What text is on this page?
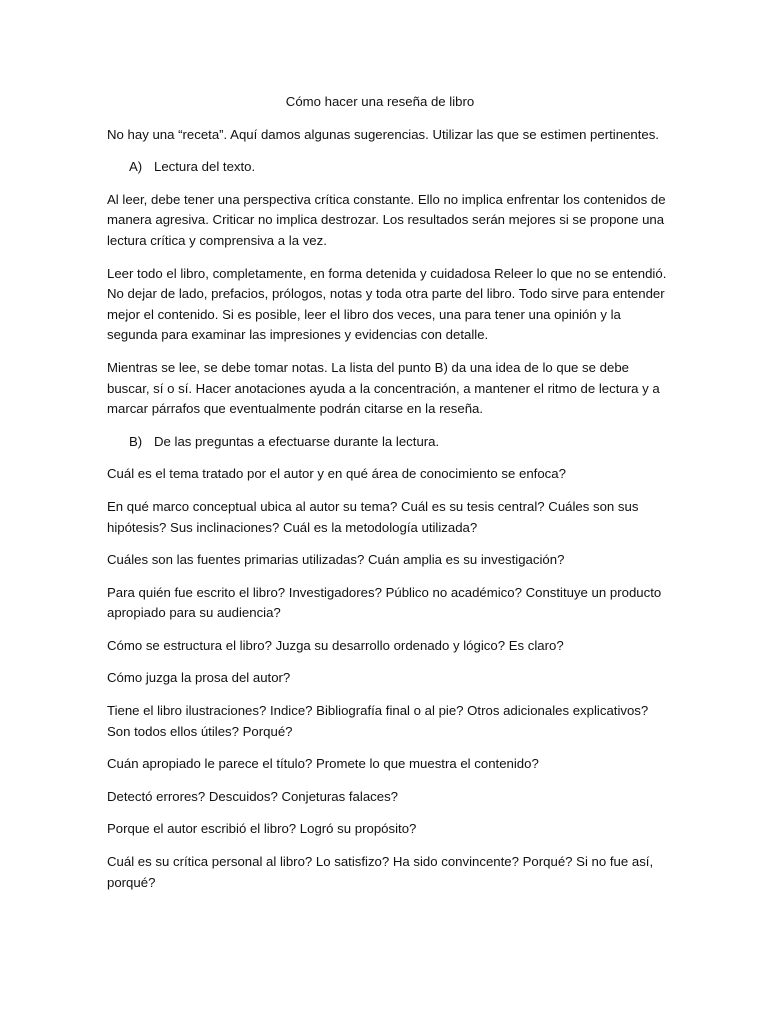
Cómo hacer una reseña de libro

No hay una “receta”. Aquí damos algunas sugerencias. Utilizar las que se estimen pertinentes.

A) Lectura del texto.

Al leer, debe tener una perspectiva crítica constante. Ello no implica enfrentar los contenidos de manera agresiva. Criticar no implica destrozar. Los resultados serán mejores si se propone una lectura crítica y comprensiva a la vez.

Leer todo el libro, completamente, en forma detenida y cuidadosa Releer lo que no se entendió. No dejar de lado, prefacios, prólogos, notas y toda otra parte del libro. Todo sirve para entender mejor el contenido. Si es posible, leer el libro dos veces, una para tener una opinión y la segunda para examinar las impresiones y evidencias con detalle.

Mientras se lee, se debe tomar notas. La lista del punto B) da una idea de lo que se debe buscar, sí o sí. Hacer anotaciones ayuda a la concentración, a mantener el ritmo de lectura y a marcar párrafos que eventualmente podrán citarse en la reseña.

B) De las preguntas a efectuarse durante la lectura.

Cuál es el tema tratado por el autor y en qué área de conocimiento se enfoca?

En qué marco conceptual ubica al autor su tema? Cuál es su tesis central? Cuáles son sus hipótesis? Sus inclinaciones? Cuál es la metodología utilizada?

Cuáles son las fuentes primarias utilizadas? Cuán amplia es su investigación?

Para quién fue escrito el libro? Investigadores? Público no académico? Constituye un producto apropiado para su audiencia?

Cómo se estructura el libro? Juzga su desarrollo ordenado y lógico? Es claro?

Cómo juzga la prosa del autor?

Tiene el libro ilustraciones? Indice? Bibliografía final o al pie? Otros adicionales explicativos? Son todos ellos útiles? Porqué?

Cuán apropiado le parece el título? Promete lo que muestra el contenido?

Detectó errores? Descuidos? Conjeturas falaces?

Porque el autor escribió el libro? Logró su propósito?

Cuál es su crítica personal al libro? Lo satisfizo? Ha sido convincente? Porqué? Si no fue así, porqué?
